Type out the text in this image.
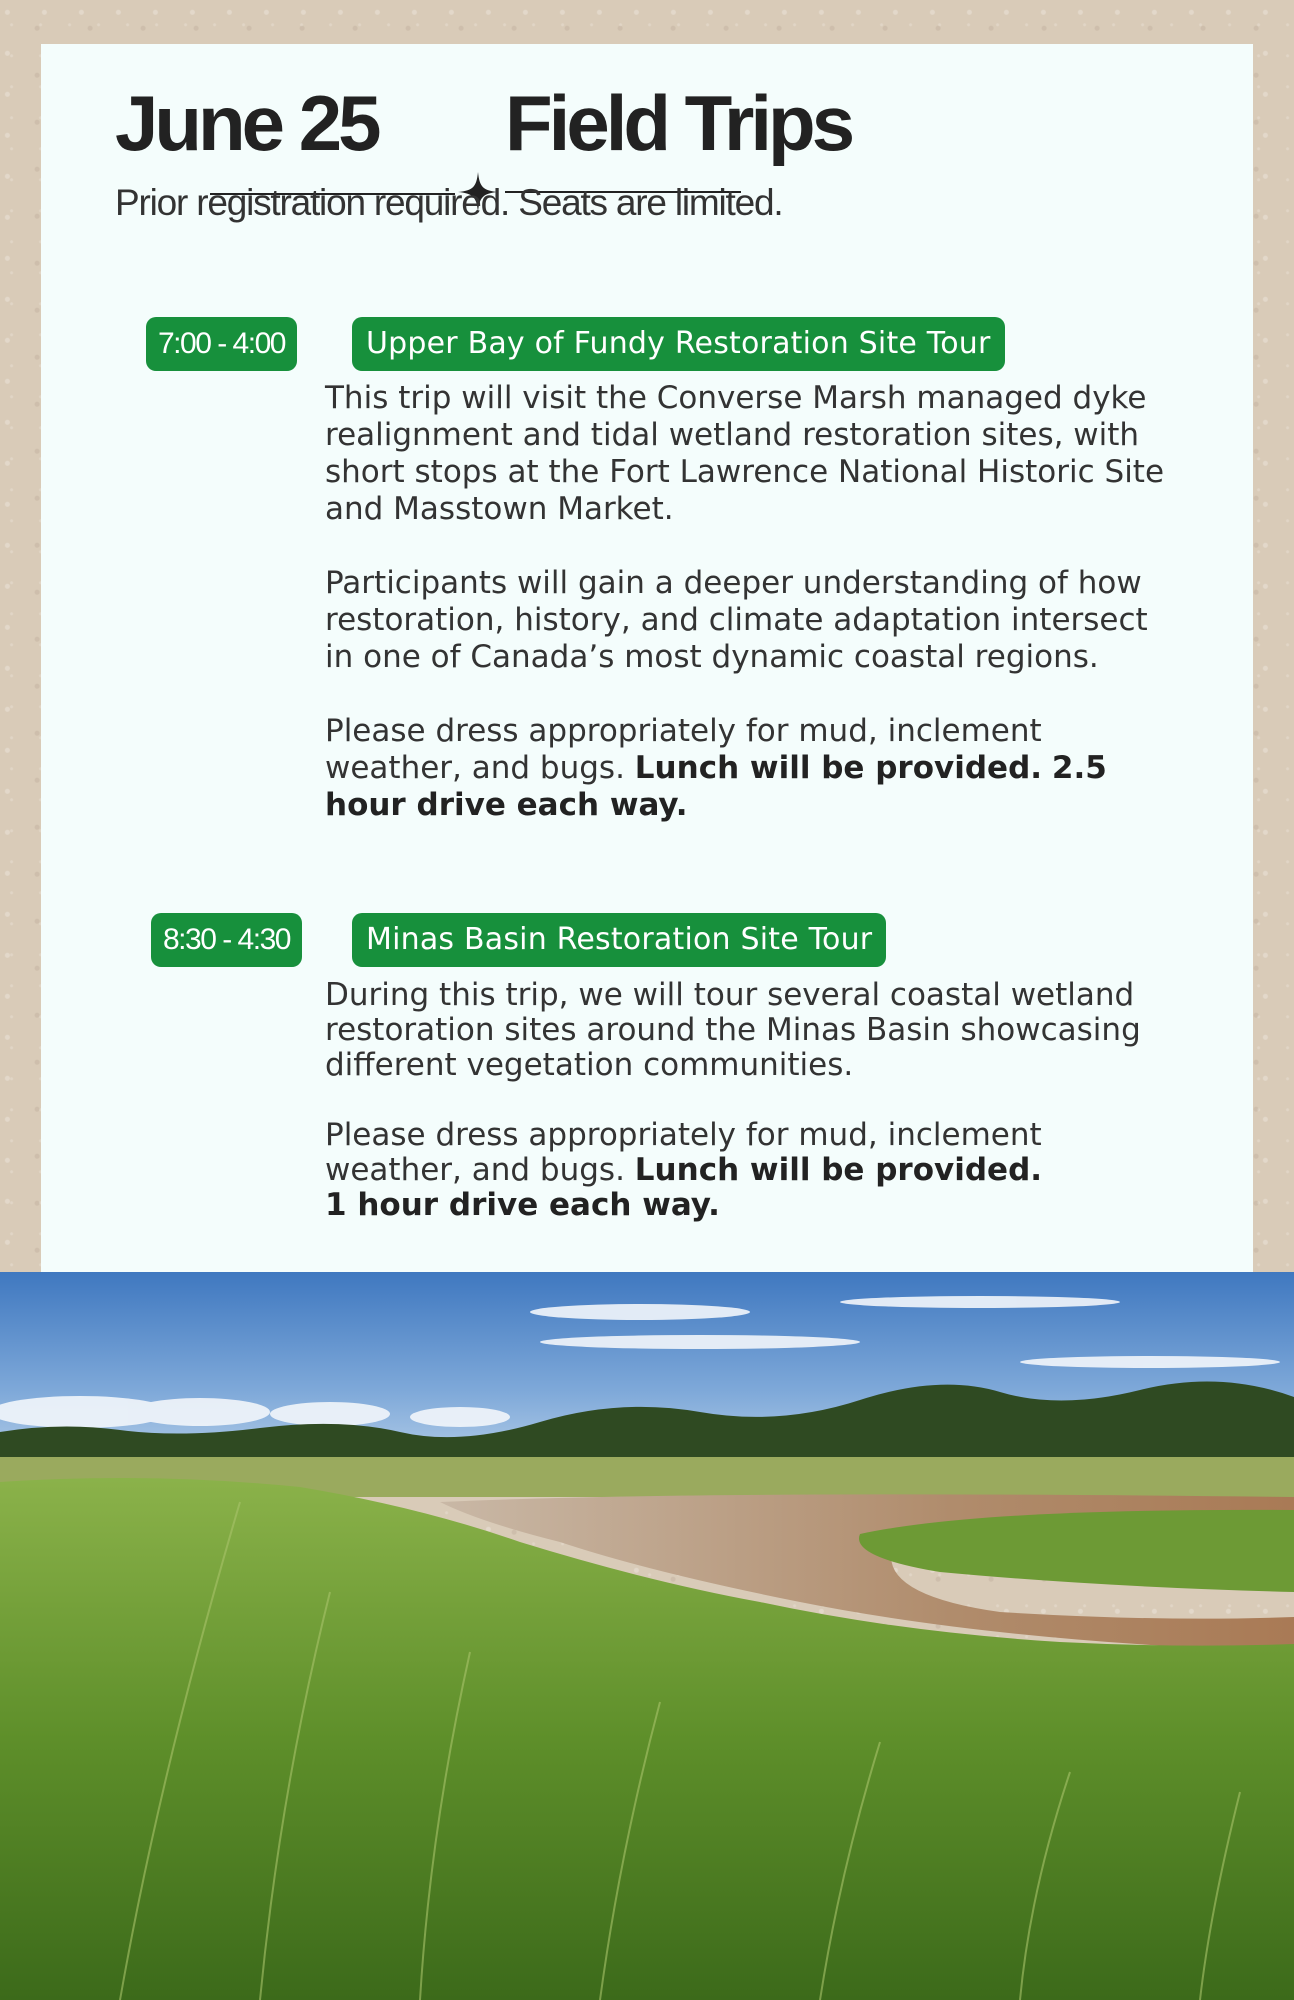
June 25 Field Trips
Prior registration required. Seats are limited.
7:00 - 4:00	Upper Bay of Fundy Restoration Site Tour

This trip will visit the Converse Marsh managed dyke realignment and tidal wetland restoration sites, with short stops at the Fort Lawrence National Historic Site and Masstown Market.

Participants will gain a deeper understanding of how restoration, history, and climate adaptation intersect in one of Canada’s most dynamic coastal regions.

Please dress appropriately for mud, inclement weather, and bugs. Lunch will be provided. 2.5 hour drive each way.

8:30 - 4:30	Minas Basin Restoration Site Tour

During this trip, we will tour several coastal wetland restoration sites around the Minas Basin showcasing different vegetation communities.

Please dress appropriately for mud, inclement weather, and bugs. Lunch will be provided.
1 hour drive each way.
